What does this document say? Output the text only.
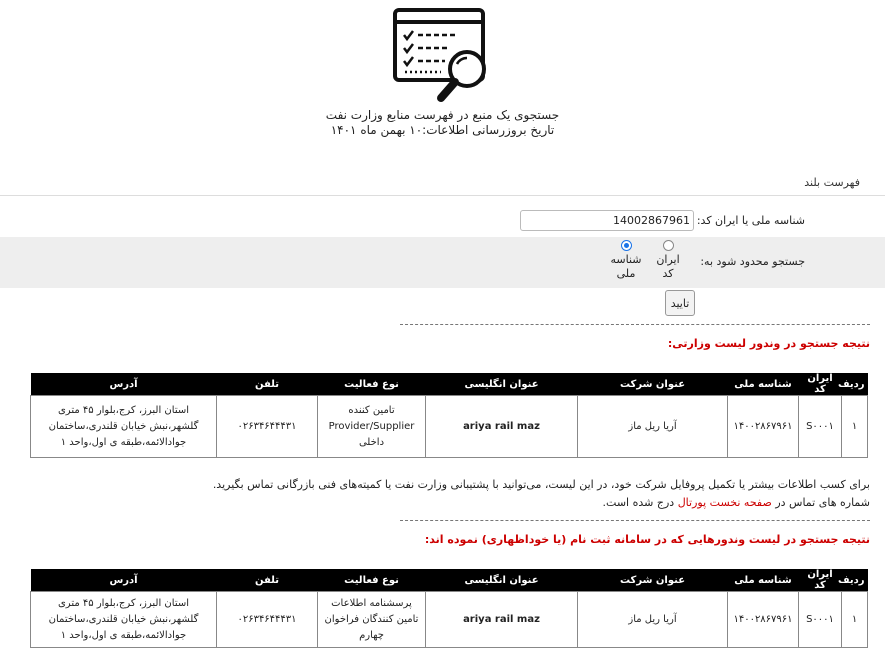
جستجوی یک منبع در فهرست منابع وزارت نفت
تاریخ بروزرسانی اطلاعات:۱۰ بهمن ماه ۱۴۰۱
فهرست بلند
شناسه ملی یا ایران کد:
14002867961
جستجو محدود شود به:
ایران
کد
شناسه
ملی
تایید
نتیجه جستجو در وندور لیست وزارتی:
ردیف	ایران کد	شناسه ملی	عنوان شرکت	عنوان انگلیسی	نوع فعالیت	تلفن	آدرس
۱	S۰۰۰۱	۱۴۰۰۲۸۶۷۹۶۱	آریا ریل ماز	ariya rail maz	تامین کننده Provider/Supplier داخلی	۰۲۶۳۴۶۴۴۴۳۱	استان البرز، کرج،بلوار ۴۵ متری گلشهر،نبش خیابان قلندری،ساختمان جوادالائمه،طبقه ی اول،واحد ۱
برای کسب اطلاعات بیشتر یا تکمیل پروفایل شرکت خود، در این لیست، می‌توانید با پشتیبانی وزارت نفت یا کمیته‌های فنی بازرگانی تماس بگیرید.
شماره های تماس در صفحه نخست پورتال درج شده است.
نتیجه جستجو در لیست وندورهایی که در سامانه ثبت نام (یا خوداظهاری) نموده اند:
ردیف	ایران کد	شناسه ملی	عنوان شرکت	عنوان انگلیسی	نوع فعالیت	تلفن	آدرس
۱	S۰۰۰۱	۱۴۰۰۲۸۶۷۹۶۱	آریا ریل ماز	ariya rail maz	پرسشنامه اطلاعات تامین کنندگان فراخوان چهارم	۰۲۶۳۴۶۴۴۴۳۱	استان البرز، کرج،بلوار ۴۵ متری گلشهر،نبش خیابان قلندری،ساختمان جوادالائمه،طبقه ی اول،واحد ۱
